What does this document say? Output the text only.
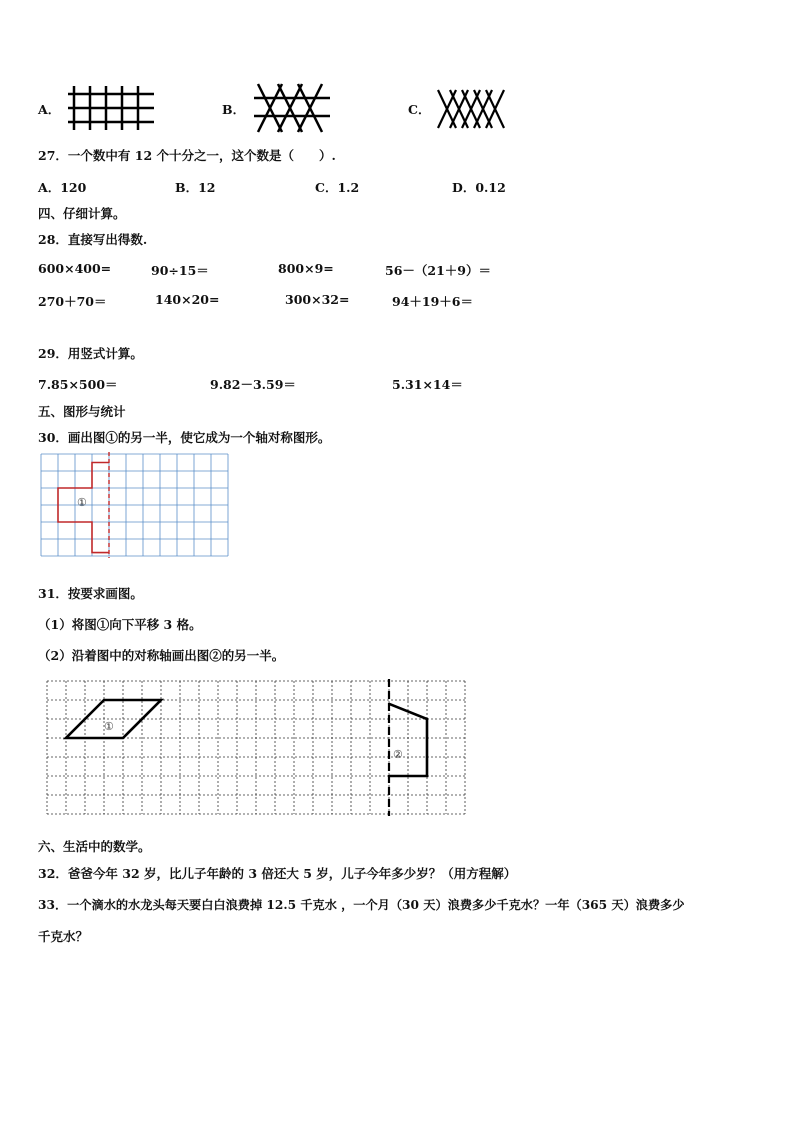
A．	B．	C．
27．一个数中有 12 个十分之一，这个数是（　　）.
A．120	B．12	C．1.2	D．0.12
四、仔细计算。
28．直接写出得数.
600×400=	90÷15＝	800×9=	56－（21＋9）＝
270＋70＝	140×20=	300×32=	94＋19＋6＝
29．用竖式计算。
7.85×500＝	9.82－3.59＝	5.31×14＝
五、图形与统计
30．画出图①的另一半，使它成为一个轴对称图形。
①
31．按要求画图。
（1）将图①向下平移 3 格。
（2）沿着图中的对称轴画出图②的另一半。
①
②
六、生活中的数学。
32．爸爸今年 32 岁，比儿子年龄的 3 倍还大 5 岁，儿子今年多少岁？（用方程解）
33．一个滴水的水龙头每天要白白浪费掉 12.5 千克水 ，一个月（30 天）浪费多少千克水？一年（365 天）浪费多少
千克水？
